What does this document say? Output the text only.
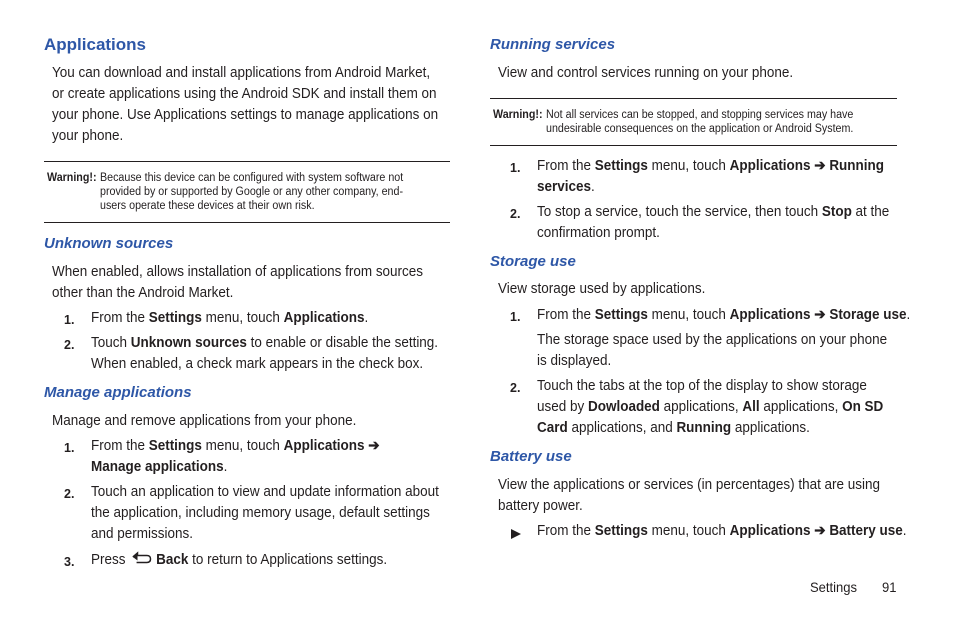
Applications
You can download and install applications from Android Market,
or create applications using the Android SDK and install them on
your phone. Use Applications settings to manage applications on
your phone.
Warning!: Because this device can be configured with system software not
provided by or supported by Google or any other company, end-
users operate these devices at their own risk.
Unknown sources
When enabled, allows installation of applications from sources
other than the Android Market.
1. From the Settings menu, touch Applications.
2. Touch Unknown sources to enable or disable the setting.
When enabled, a check mark appears in the check box.
Manage applications
Manage and remove applications from your phone.
1. From the Settings menu, touch Applications ➔
Manage applications.
2. Touch an application to view and update information about
the application, including memory usage, default settings
and permissions.
3. Press Back to return to Applications settings.
Running services
View and control services running on your phone.
Warning!: Not all services can be stopped, and stopping services may have
undesirable consequences on the application or Android System.
1. From the Settings menu, touch Applications ➔ Running
services.
2. To stop a service, touch the service, then touch Stop at the
confirmation prompt.
Storage use
View storage used by applications.
1. From the Settings menu, touch Applications ➔ Storage use.
The storage space used by the applications on your phone
is displayed.
2. Touch the tabs at the top of the display to show storage
used by Dowloaded applications, All applications, On SD
Card applications, and Running applications.
Battery use
View the applications or services (in percentages) that are using
battery power.
From the Settings menu, touch Applications ➔ Battery use.
Settings 91
